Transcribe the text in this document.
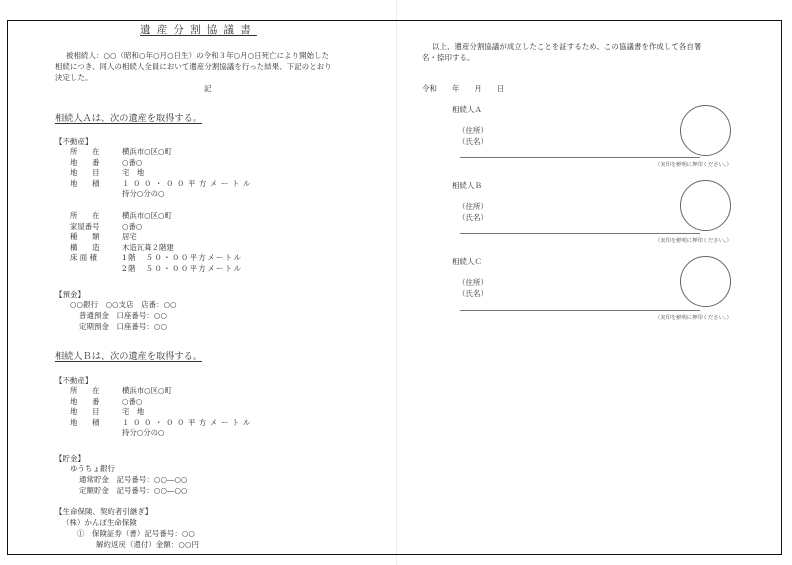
遺産分割協議書
被相続人：○○（昭和○年○月○日生）の令和３年○月○日死亡により開始した
相続につき、同人の相続人全員において遺産分割協議を行った結果、下記のとおり
決定した。
記
相続人Ａは、次の遺産を取得する。
【不動産】
所　　在	横浜市○区○町
地　　番	○番○
地　　目	宅　地
地　　積	１００・００平方メートル
持分○分の○
所　　在	横浜市○区○町
家屋番号	○番○
種　　類	居宅
構　　造	木造瓦葺２階建
床 面 積	1階　５０・００平方メートル
2階　５０・００平方メートル
【預金】
○○銀行　○○支店　店番：○○
普通預金　口座番号：○○
定期預金　口座番号：○○
相続人Ｂは、次の遺産を取得する。
【不動産】
所　　在	横浜市○区○町
地　　番	○番○
地　　目	宅　地
地　　積	１００・００平方メートル
持分○分の○
【貯金】
ゆうちょ銀行
通常貯金　記号番号：○○―○○
定額貯金　記号番号：○○―○○
【生命保険、契約者引継ぎ】
（株）かんぽ生命保険
①　保険証券（書）記号番号：○○
解約返戻（還付）金額：○○円
以上、遺産分割協議が成立したことを証するため、この協議書を作成して各自署
名・捺印する。
令和　　年　　月　　日
相続人Ａ
（住所）
（氏名）
（実印を鮮明に押印ください。）
相続人Ｂ
（住所）
（氏名）
（実印を鮮明に押印ください。）
相続人Ｃ
（住所）
（氏名）
（実印を鮮明に押印ください。）
